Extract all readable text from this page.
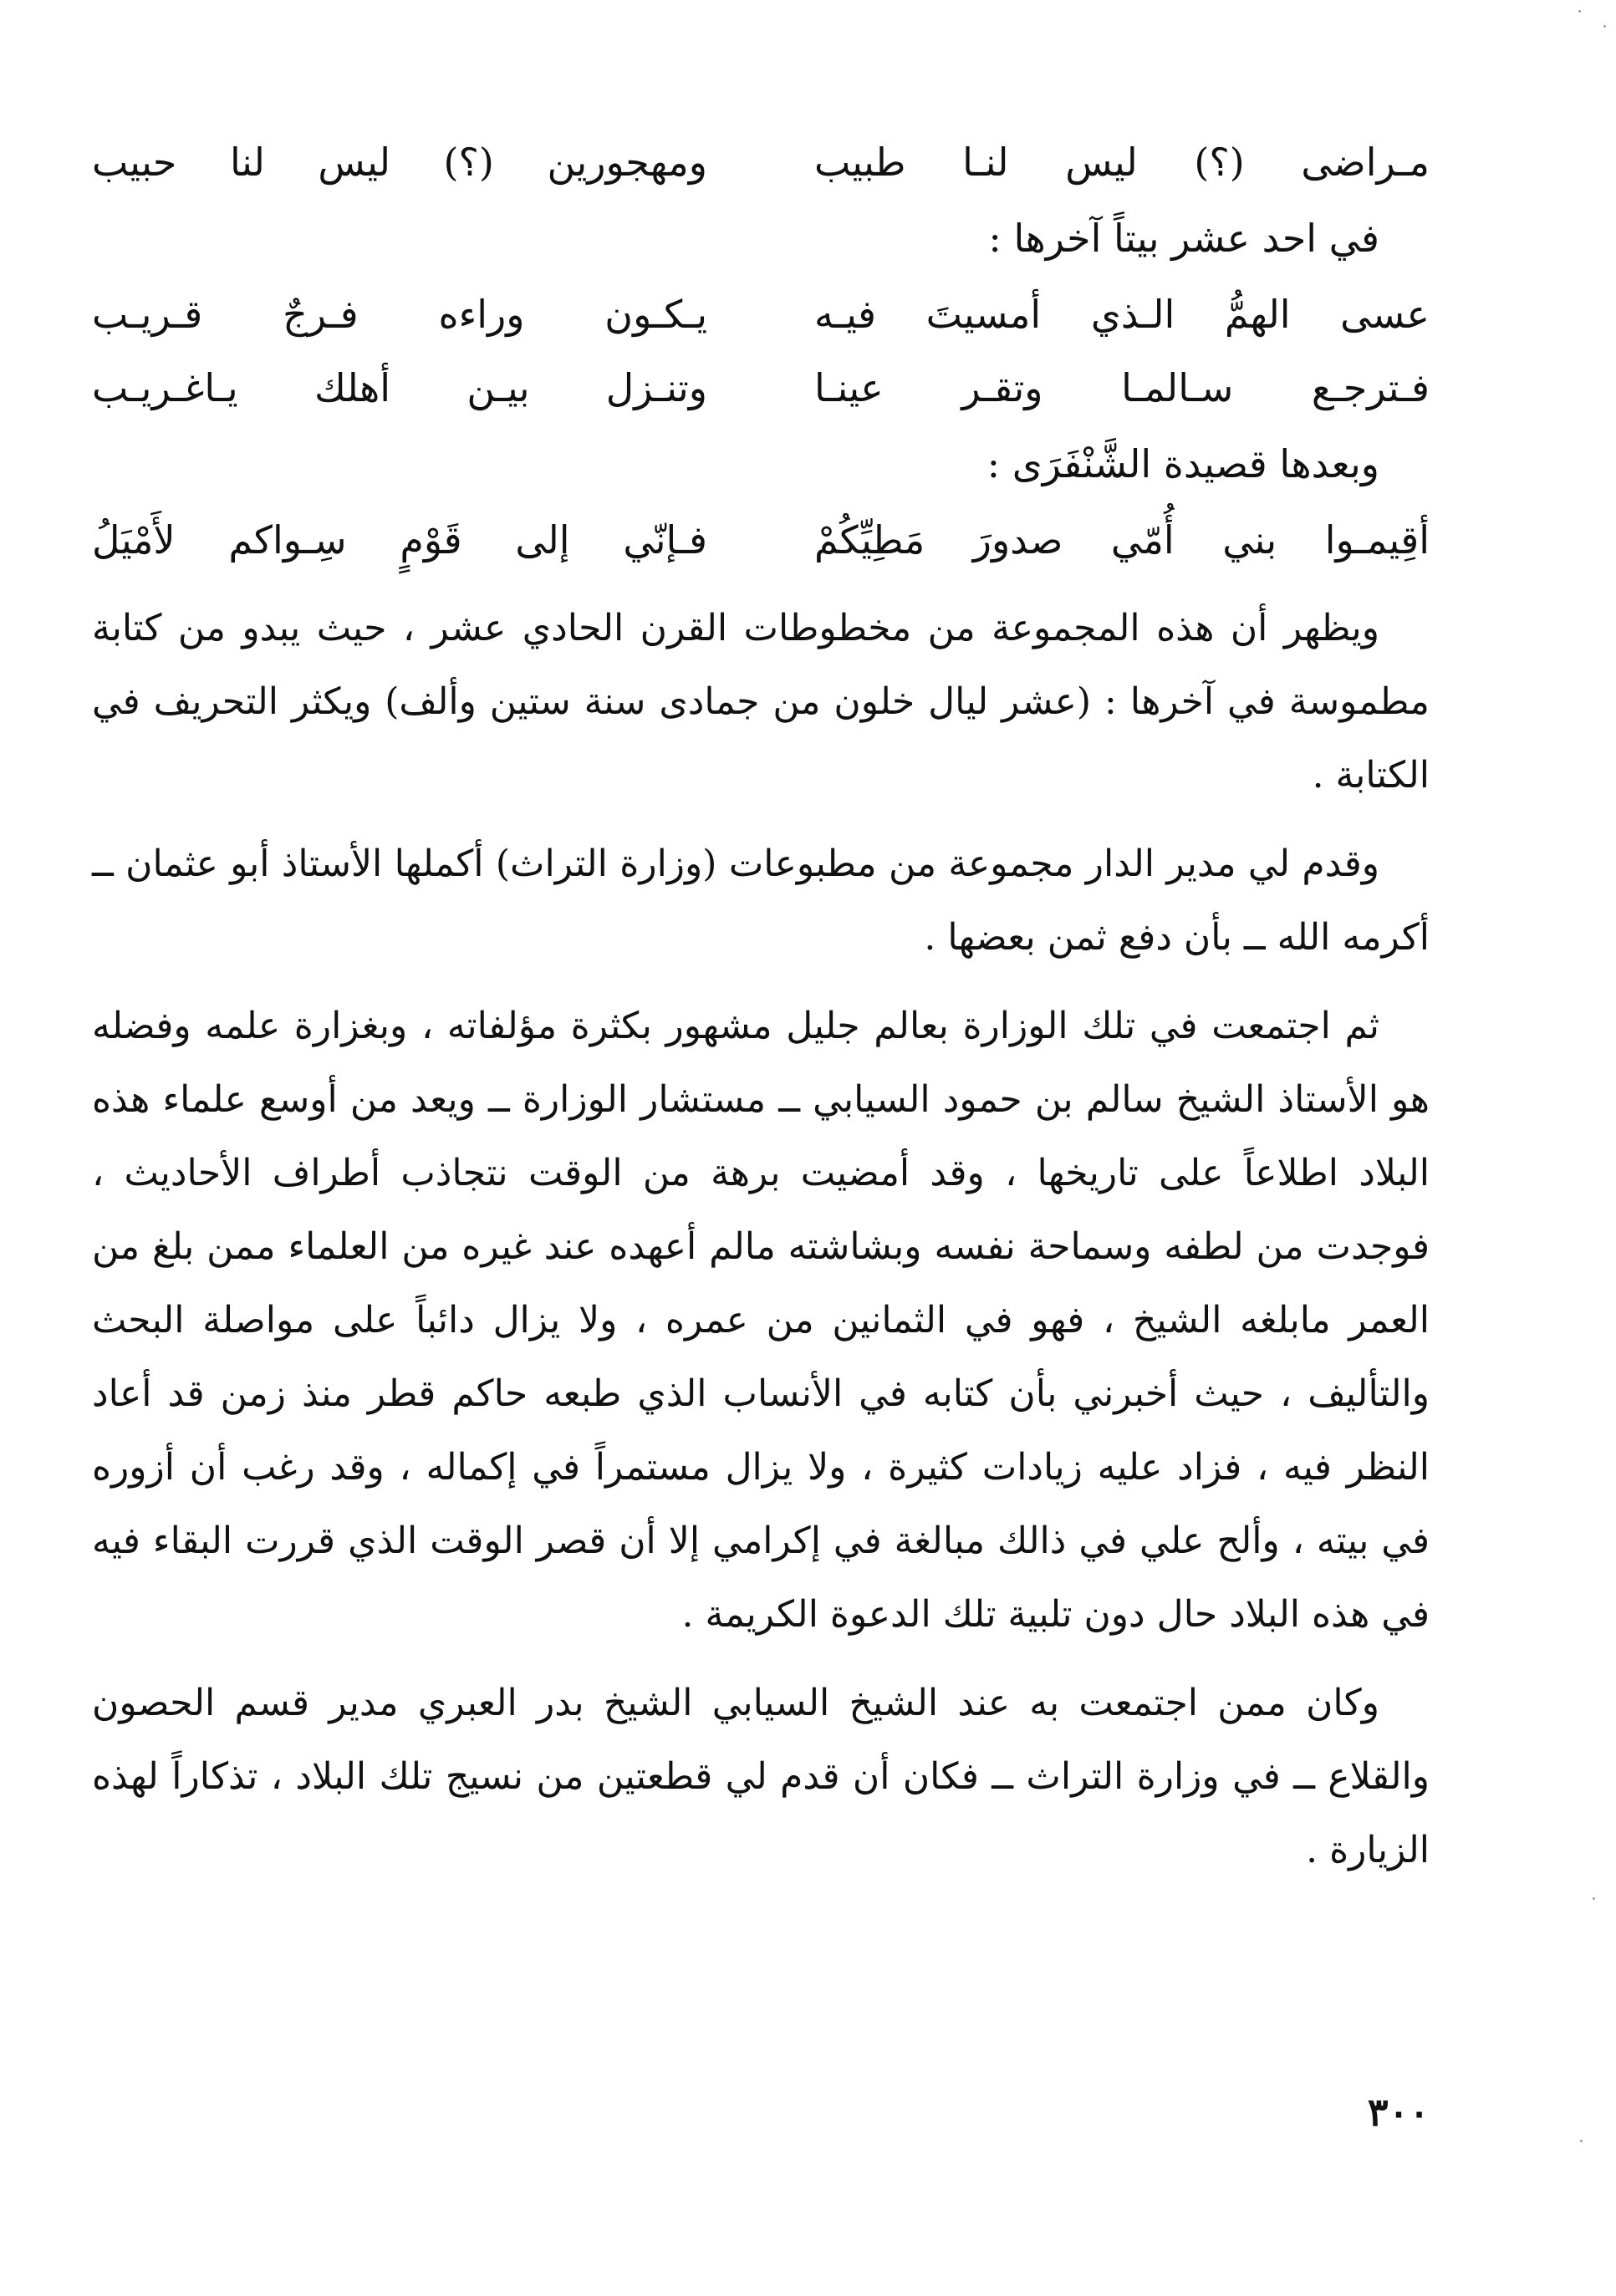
مـراضى (؟) ليس لنـا طبيب
ومهجورين (؟) ليس لنا حبيب
في احد عشر بيتاً آخرها :
عسى الهمُّ الـذي أمسيتَ فيـه
يـكـون وراءه فـرجٌ قـريـب
فـترجـع سـالمـا وتقـر عينـا
وتنـزل بيـن أهلك يـاغـريـب
وبعدها قصيدة الشَّنْفَرَى :
أقِيمـوا بني أُمّي صدورَ مَطِيِّكُمْ
فـإنّي إلى قَوْمٍ سِـواكم لأَمْيَلُ

ويظهر أن هذه المجموعة من مخطوطات القرن الحادي عشر ، حيث يبدو من كتابة مطموسة في آخرها : (عشر ليال خلون من جمادى سنة ستين وألف) ويكثر التحريف في الكتابة .

وقدم لي مدير الدار مجموعة من مطبوعات (وزارة التراث) أكملها الأستاذ أبو عثمان ــ أكرمه الله ــ بأن دفع ثمن بعضها .

ثم اجتمعت في تلك الوزارة بعالم جليل مشهور بكثرة مؤلفاته ، وبغزارة علمه وفضله هو الأستاذ الشيخ سالم بن حمود السيابي ــ مستشار الوزارة ــ ويعد من أوسع علماء هذه البلاد اطلاعاً على تاريخها ، وقد أمضيت برهة من الوقت نتجاذب أطراف الأحاديث ، فوجدت من لطفه وسماحة نفسه وبشاشته مالم أعهده عند غيره من العلماء ممن بلغ من العمر مابلغه الشيخ ، فهو في الثمانين من عمره ، ولا يزال دائباً على مواصلة البحث والتأليف ، حيث أخبرني بأن كتابه في الأنساب الذي طبعه حاكم قطر منذ زمن قد أعاد النظر فيه ، فزاد عليه زيادات كثيرة ، ولا يزال مستمراً في إكماله ، وقد رغب أن أزوره في بيته ، وألح علي في ذالك مبالغة في إكرامي إلا أن قصر الوقت الذي قررت البقاء فيه في هذه البلاد حال دون تلبية تلك الدعوة الكريمة .

وكان ممن اجتمعت به عند الشيخ السيابي الشيخ بدر العبري مدير قسم الحصون والقلاع ــ في وزارة التراث ــ فكان أن قدم لي قطعتين من نسيج تلك البلاد ، تذكاراً لهذه الزيارة .

٣٠٠
